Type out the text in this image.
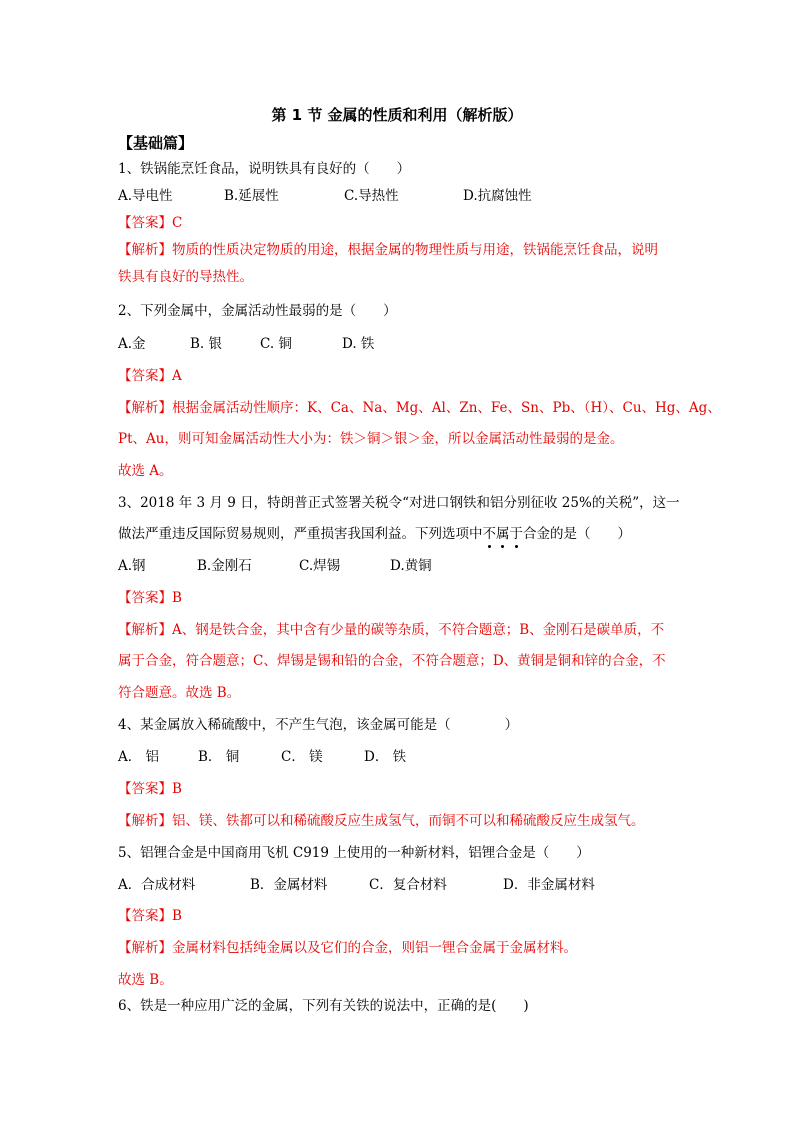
第 1 节 金属的性质和利用（解析版）
【基础篇】
1、铁锅能烹饪食品，说明铁具有良好的（　　）
A.导电性	B.延展性	C.导热性	D.抗腐蚀性
【答案】C
【解析】物质的性质决定物质的用途，根据金属的物理性质与用途，铁锅能烹饪食品，说明
铁具有良好的导热性。
2、下列金属中，金属活动性最弱的是（　　）
A.金	B. 银	C. 铜	D. 铁
【答案】A
【解析】根据金属活动性顺序：K、Ca、Na、Mg、Al、Zn、Fe、Sn、Pb、（H）、Cu、Hg、Ag、
Pt、Au，则可知金属活动性大小为：铁＞铜＞银＞金，所以金属活动性最弱的是金。
故选 A。
3、2018 年 3 月 9 日，特朗普正式签署关税令“对进口钢铁和铝分别征收 25%的关税”，这一
做法严重违反国际贸易规则，严重损害我国利益。下列选项中不属于合金的是（　　）
A.钢	B.金刚石	C.焊锡	D.黄铜
【答案】B
【解析】A、钢是铁合金，其中含有少量的碳等杂质，不符合题意；B、金刚石是碳单质，不
属于合金，符合题意；C、焊锡是锡和铅的合金，不符合题意；D、黄铜是铜和锌的合金，不
符合题意。故选 B。
4、某金属放入稀硫酸中，不产生气泡，该金属可能是（　　　　）
A． 铝	B． 铜	C． 镁	D． 铁
【答案】B
【解析】铝、镁、铁都可以和稀硫酸反应生成氢气，而铜不可以和稀硫酸反应生成氢气。
5、铝锂合金是中国商用飞机 C919 上使用的一种新材料，铝锂合金是（　　）
A．合成材料	B．金属材料	C．复合材料	D．非金属材料
【答案】B
【解析】金属材料包括纯金属以及它们的合金，则铝一锂合金属于金属材料。
故选 B。
6、铁是一种应用广泛的金属，下列有关铁的说法中，正确的是(　　)
